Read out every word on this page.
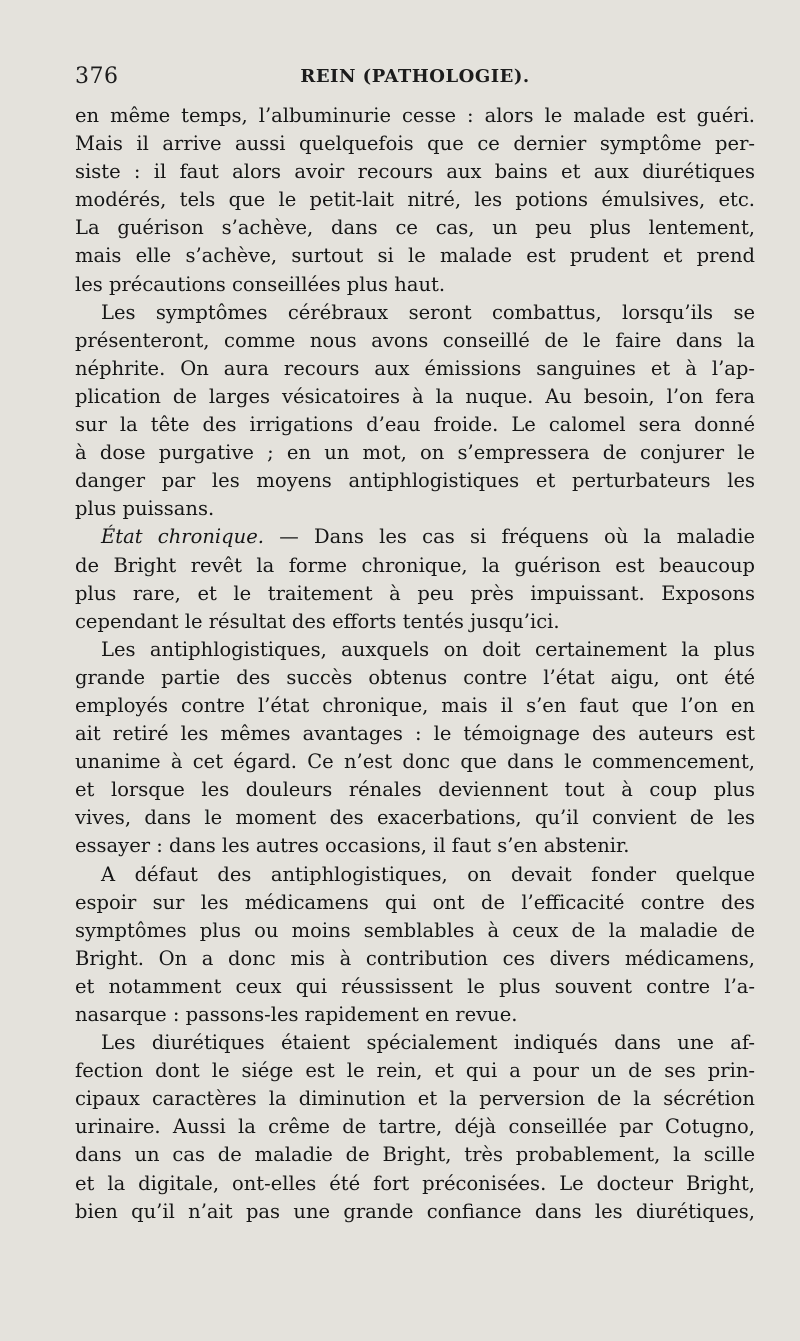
376	REIN (PATHOLOGIE).
en même temps, l’albuminurie cesse : alors le malade est guéri.
Mais il arrive aussi quelquefois que ce dernier symptôme per-
siste : il faut alors avoir recours aux bains et aux diurétiques
modérés, tels que le petit-lait nitré, les potions émulsives, etc.
La guérison s’achève, dans ce cas, un peu plus lentement,
mais elle s’achève, surtout si le malade est prudent et prend
les précautions conseillées plus haut.
Les symptômes cérébraux seront combattus, lorsqu’ils se
présenteront, comme nous avons conseillé de le faire dans la
néphrite. On aura recours aux émissions sanguines et à l’ap-
plication de larges vésicatoires à la nuque. Au besoin, l’on fera
sur la tête des irrigations d’eau froide. Le calomel sera donné
à dose purgative ; en un mot, on s’empressera de conjurer le
danger par les moyens antiphlogistiques et perturbateurs les
plus puissans.
État chronique. — Dans les cas si fréquens où la maladie
de Bright revêt la forme chronique, la guérison est beaucoup
plus rare, et le traitement à peu près impuissant. Exposons
cependant le résultat des efforts tentés jusqu’ici.
Les antiphlogistiques, auxquels on doit certainement la plus
grande partie des succès obtenus contre l’état aigu, ont été
employés contre l’état chronique, mais il s’en faut que l’on en
ait retiré les mêmes avantages : le témoignage des auteurs est
unanime à cet égard. Ce n’est donc que dans le commencement,
et lorsque les douleurs rénales deviennent tout à coup plus
vives, dans le moment des exacerbations, qu’il convient de les
essayer : dans les autres occasions, il faut s’en abstenir.
A défaut des antiphlogistiques, on devait fonder quelque
espoir sur les médicamens qui ont de l’efficacité contre des
symptômes plus ou moins semblables à ceux de la maladie de
Bright. On a donc mis à contribution ces divers médicamens,
et notamment ceux qui réussissent le plus souvent contre l’a-
nasarque : passons-les rapidement en revue.
Les diurétiques étaient spécialement indiqués dans une af-
fection dont le siége est le rein, et qui a pour un de ses prin-
cipaux caractères la diminution et la perversion de la sécrétion
urinaire. Aussi la crême de tartre, déjà conseillée par Cotugno,
dans un cas de maladie de Bright, très probablement, la scille
et la digitale, ont-elles été fort préconisées. Le docteur Bright,
bien qu’il n’ait pas une grande confiance dans les diurétiques,
